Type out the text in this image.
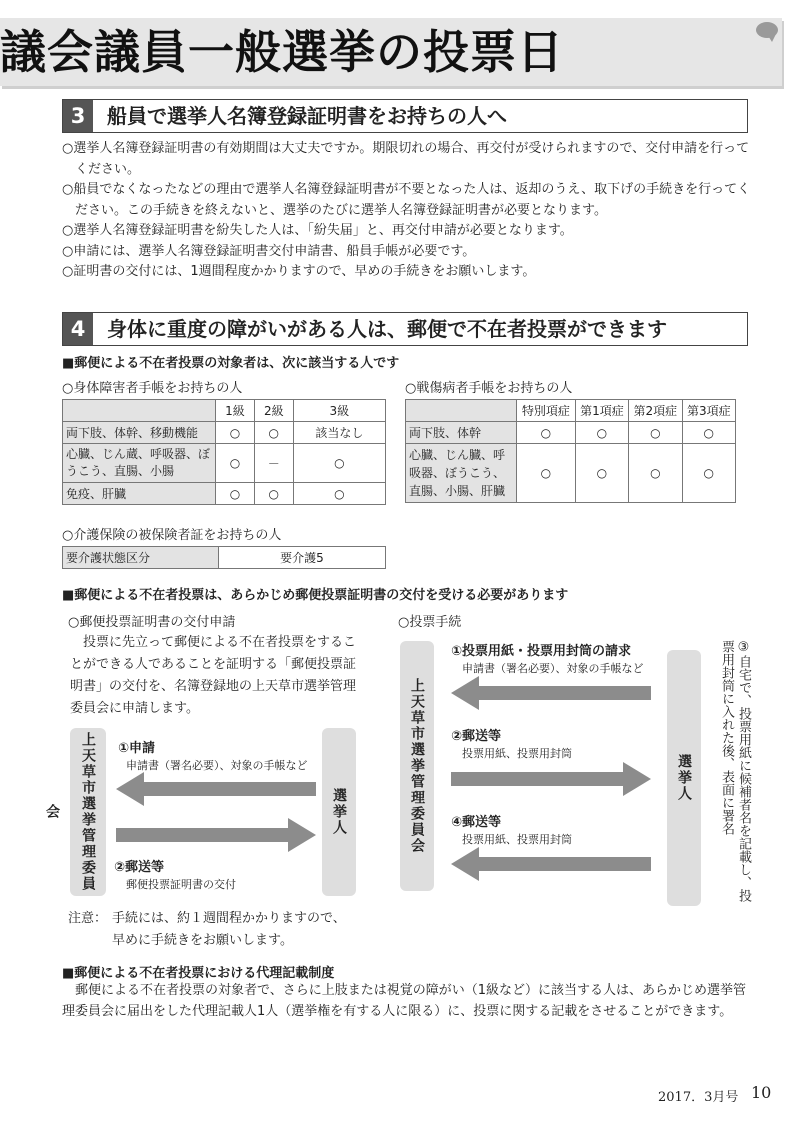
議会議員一般選挙の投票日
3	船員で選挙人名簿登録証明書をお持ちの人へ

○選挙人名簿登録証明書の有効期間は大丈夫ですか。期限切れの場合、再交付が受けられますので、交付申請を行ってください。

○船員でなくなったなどの理由で選挙人名簿登録証明書が不要となった人は、返却のうえ、取下げの手続きを行ってください。この手続きを終えないと、選挙のたびに選挙人名簿登録証明書が必要となります。

○選挙人名簿登録証明書を紛失した人は、「紛失届」と、再交付申請が必要となります。

○申請には、選挙人名簿登録証明書交付申請書、船員手帳が必要です。

○証明書の交付には、1週間程度かかりますので、早めの手続きをお願いします。

4	身体に重度の障がいがある人は、郵便で不在者投票ができます
■郵便による不在者投票の対象者は、次に該当する人です
○身体障害者手帳をお持ちの人
	1級	2級	3級
両下肢、体幹、移動機能	○	○	該当なし
心臓、じん蔵、呼吸器、ぼうこう、直腸、小腸	○	－	○
免疫、肝臓	○	○	○
○戦傷病者手帳をお持ちの人
	特別項症	第1項症	第2項症	第3項症
両下肢、体幹	○	○	○	○
心臓、じん臓、呼吸器、ぼうこう、直腸、小腸、肝臓	○	○	○	○
○介護保険の被保険者証をお持ちの人
要介護状態区分	要介護5
■郵便による不在者投票は、あらかじめ郵便投票証明書の交付を受ける必要があります
○郵便投票証明書の交付申請
投票に先立って郵便による不在者投票をすることができる人であることを証明する「郵便投票証明書」の交付を、名簿登録地の上天草市選挙管理委員会に申請します。
上天草市選挙管理委員会	選挙人
①申請
申請書（署名必要）、対象の手帳など
②郵送等
郵便投票証明書の交付
注意： 手続には、約１週間程かかりますので、
早めに手続きをお願いします。
○投票手続
上天草市選挙管理委員会	選挙人
①投票用紙・投票用封筒の請求
申請書（署名必要）、対象の手帳など
②郵送等
投票用紙、投票用封筒
④郵送等
投票用紙、投票用封筒	③自宅で、投票用紙に候補者名を記載し、投票用封筒に入れた後、表面に署名
■郵便による不在者投票における代理記載制度
郵便による不在者投票の対象者で、さらに上肢または視覚の障がい（1級など）に該当する人は、あらかじめ選挙管理委員会に届出をした代理記載人1人（選挙権を有する人に限る）に、投票に関する記載をさせることができます。
2017．3月号 10
